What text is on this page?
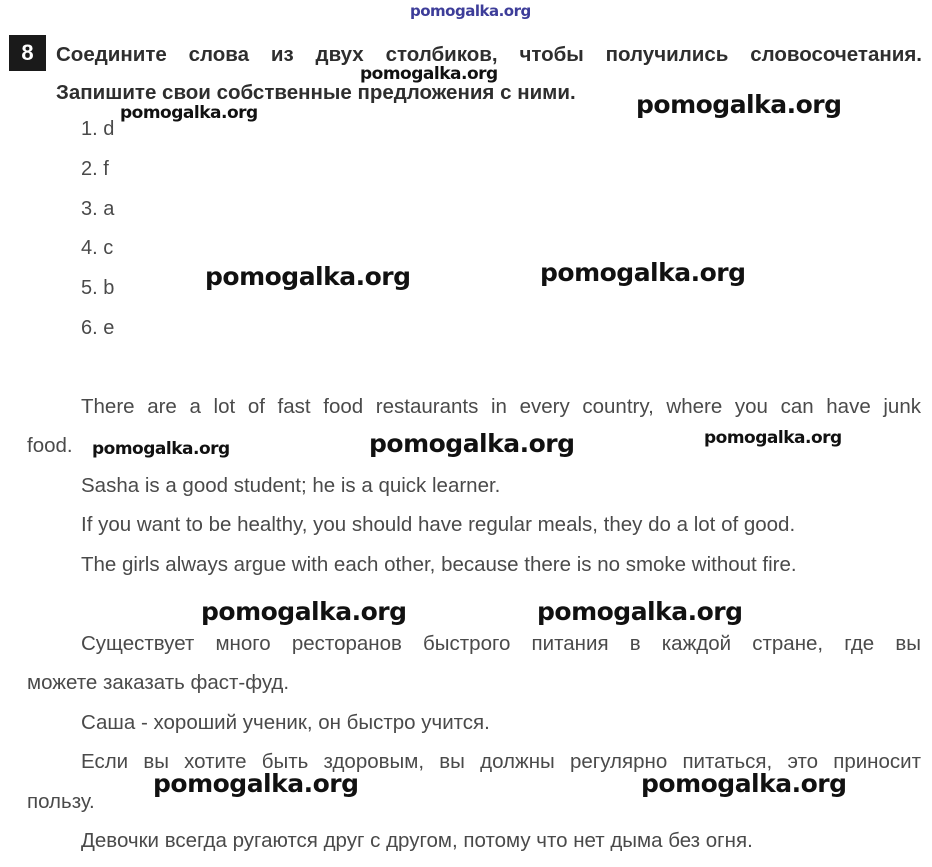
pomogalka.org
8	Соедините слова из двух столбиков, чтобы получились словосочетания.
Запишите свои собственные предложения с ними.
1. d
2. f
3. a
4. c
5. b
6. e
There are a lot of fast food restaurants in every country, where you can have junk
food.
Sasha is a good student; he is a quick learner.
If you want to be healthy, you should have regular meals, they do a lot of good.
The girls always argue with each other, because there is no smoke without fire.
Существует много ресторанов быстрого питания в каждой стране, где вы
можете заказать фаст-фуд.
Саша - хороший ученик, он быстро учится.
Если вы хотите быть здоровым, вы должны регулярно питаться, это приносит
пользу.
Девочки всегда ругаются друг с другом, потому что нет дыма без огня.
pomogalka.org
pomogalka.org	pomogalka.org
pomogalka.org	pomogalka.org
pomogalka.org	pomogalka.org	pomogalka.org
pomogalka.org	pomogalka.org
pomogalka.org	pomogalka.org
